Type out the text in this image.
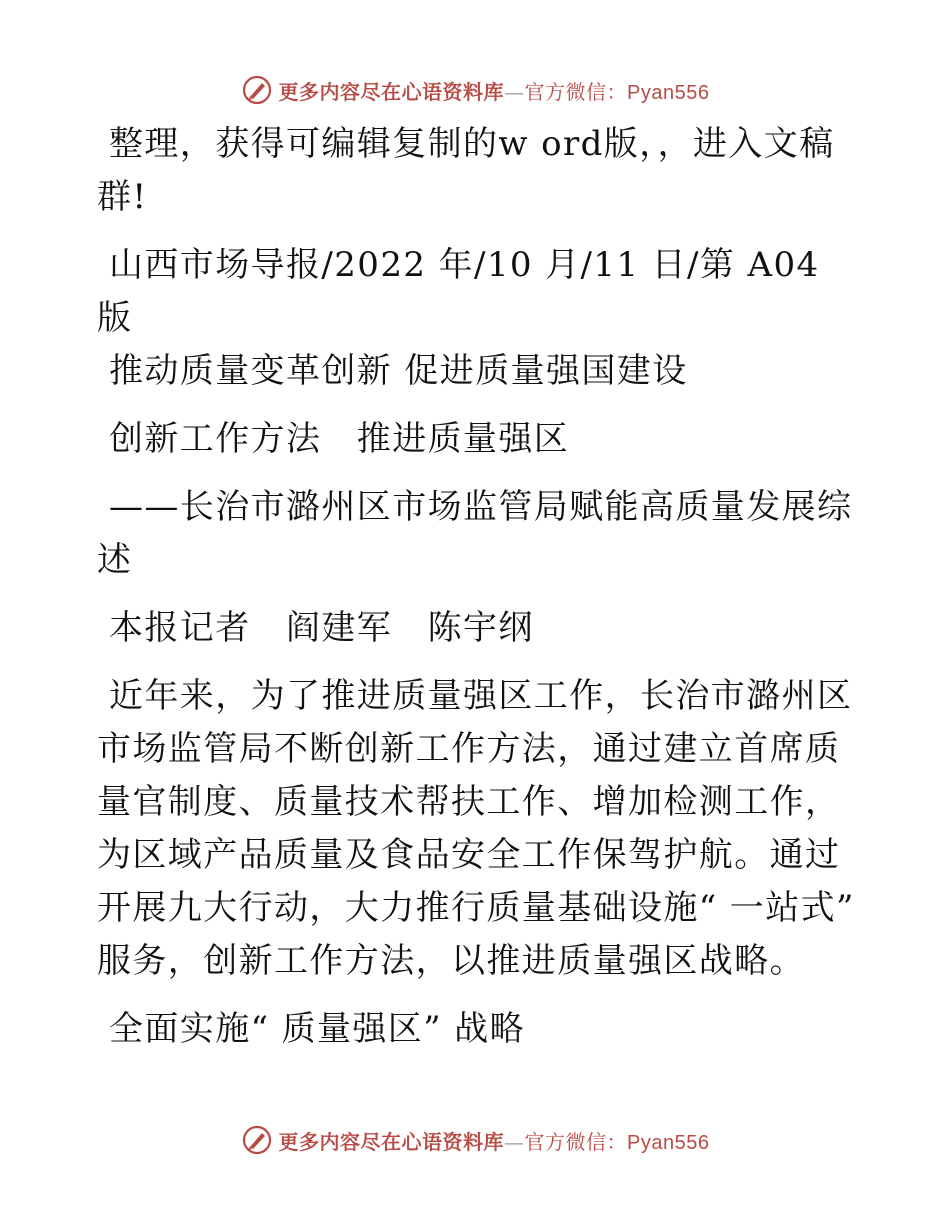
更多内容尽在心语资料库—官方微信：Pyan556

整理，获得可编辑复制的w ord版，，进入文稿群!

山西市场导报/2022 年/10 月/11 日/第 A04 版

推动质量变革创新 促进质量强国建设

创新工作方法　推进质量强区

——长治市潞州区市场监管局赋能高质量发展综述

本报记者　阎建军　陈宇纲

近年来，为了推进质量强区工作，长治市潞州区市场监管局不断创新工作方法，通过建立首席质量官制度、质量技术帮扶工作、增加检测工作，为区域产品质量及食品安全工作保驾护航。通过开展九大行动，大力推行质量基础设施“ 一站式” 服务，创新工作方法，以推进质量强区战略。

全面实施“ 质量强区” 战略

更多内容尽在心语资料库—官方微信：Pyan556
